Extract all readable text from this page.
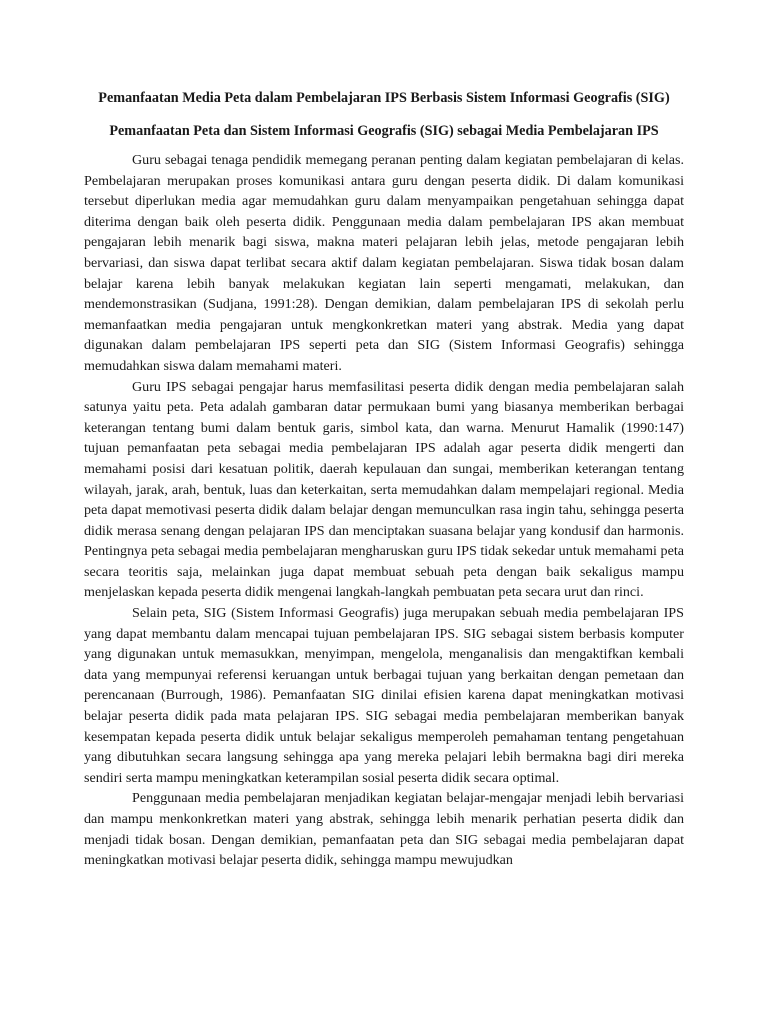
Pemanfaatan Media Peta dalam Pembelajaran IPS Berbasis Sistem Informasi Geografis (SIG)

Pemanfaatan Peta dan Sistem Informasi Geografis (SIG) sebagai Media Pembelajaran IPS

Guru sebagai tenaga pendidik memegang peranan penting dalam kegiatan pembelajaran di kelas. Pembelajaran merupakan proses komunikasi antara guru dengan peserta didik. Di dalam komunikasi tersebut diperlukan media agar memudahkan guru dalam menyampaikan pengetahuan sehingga dapat diterima dengan baik oleh peserta didik. Penggunaan media dalam pembelajaran IPS akan membuat pengajaran lebih menarik bagi siswa, makna materi pelajaran lebih jelas, metode pengajaran lebih bervariasi, dan siswa dapat terlibat secara aktif dalam kegiatan pembelajaran. Siswa tidak bosan dalam belajar karena lebih banyak melakukan kegiatan lain seperti mengamati, melakukan, dan mendemonstrasikan (Sudjana, 1991:28). Dengan demikian, dalam pembelajaran IPS di sekolah perlu memanfaatkan media pengajaran untuk mengkonkretkan materi yang abstrak. Media yang dapat digunakan dalam pembelajaran IPS seperti peta dan SIG (Sistem Informasi Geografis) sehingga memudahkan siswa dalam memahami materi.

Guru IPS sebagai pengajar harus memfasilitasi peserta didik dengan media pembelajaran salah satunya yaitu peta. Peta adalah gambaran datar permukaan bumi yang biasanya memberikan berbagai keterangan tentang bumi dalam bentuk garis, simbol kata, dan warna. Menurut Hamalik (1990:147) tujuan pemanfaatan peta sebagai media pembelajaran IPS adalah agar peserta didik mengerti dan memahami posisi dari kesatuan politik, daerah kepulauan dan sungai, memberikan keterangan tentang wilayah, jarak, arah, bentuk, luas dan keterkaitan, serta memudahkan dalam mempelajari regional. Media peta dapat memotivasi peserta didik dalam belajar dengan memunculkan rasa ingin tahu, sehingga peserta didik merasa senang dengan pelajaran IPS dan menciptakan suasana belajar yang kondusif dan harmonis. Pentingnya peta sebagai media pembelajaran mengharuskan guru IPS tidak sekedar untuk memahami peta secara teoritis saja, melainkan juga dapat membuat sebuah peta dengan baik sekaligus mampu menjelaskan kepada peserta didik mengenai langkah-langkah pembuatan peta secara urut dan rinci.

Selain peta, SIG (Sistem Informasi Geografis) juga merupakan sebuah media pembelajaran IPS yang dapat membantu dalam mencapai tujuan pembelajaran IPS. SIG sebagai sistem berbasis komputer yang digunakan untuk memasukkan, menyimpan, mengelola, menganalisis dan mengaktifkan kembali data yang mempunyai referensi keruangan untuk berbagai tujuan yang berkaitan dengan pemetaan dan perencanaan (Burrough, 1986). Pemanfaatan SIG dinilai efisien karena dapat meningkatkan motivasi belajar peserta didik pada mata pelajaran IPS. SIG sebagai media pembelajaran memberikan banyak kesempatan kepada peserta didik untuk belajar sekaligus memperoleh pemahaman tentang pengetahuan yang dibutuhkan secara langsung sehingga apa yang mereka pelajari lebih bermakna bagi diri mereka sendiri serta mampu meningkatkan keterampilan sosial peserta didik secara optimal.

Penggunaan media pembelajaran menjadikan kegiatan belajar-mengajar menjadi lebih bervariasi dan mampu menkonkretkan materi yang abstrak, sehingga lebih menarik perhatian peserta didik dan menjadi tidak bosan. Dengan demikian, pemanfaatan peta dan SIG sebagai media pembelajaran dapat meningkatkan motivasi belajar peserta didik, sehingga mampu mewujudkan
